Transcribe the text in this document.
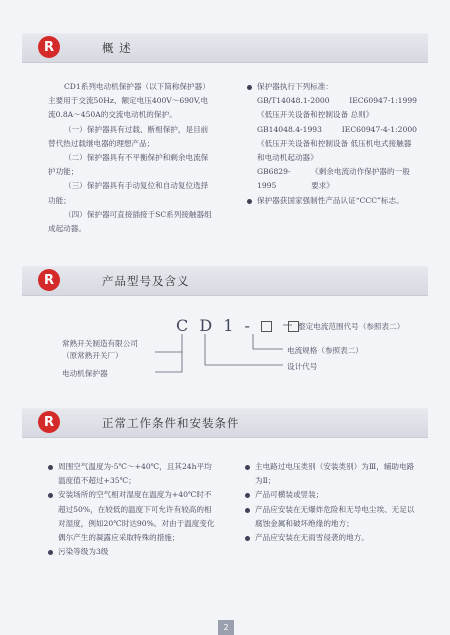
R	概 述

CD1系列电动机保护器（以下简称保护器）主要用于交流50Hz、额定电压400V～690V,电流0.8A～450A的交流电动机的保护。

（一）保护器具有过载、断相保护，是目前替代热过载继电器的理想产品；

（二）保护器具有不平衡保护和剩余电流保护功能；

（三）保护器具有手动复位和自动复位选择功能；

（四）保护器可直接插接于SC系列接触器组成起动器。

保护器执行下列标准：
GB/T14048.1-2000	IEC60947-1:1999
《低压开关设备和控制设备 总则》
GB14048.4-1993	IEC60947-4-1:2000
《低压开关设备和控制设备 低压机电式接触器和电动机起动器》
GB6829-1995
《剩余电流动作保护器的一般要求》
保护器获国家强制性产品认证“CCC”标志。
R	产品型号及含义
C D 1 -	整定电流范围代号（参照表二）
电流规格（参照表二）
设计代号
常熟开关制造有限公司
（原常熟开关厂）
电动机保护器
R	正常工作条件和安装条件
周围空气温度为-5℃～+40℃，且其24h平均温度值不超过+35℃；
安装场所的空气相对湿度在温度为+40℃时不超过50%，在较低的温度下可允许有较高的相对湿度，例如20℃时达90%。对由于温度变化偶尔产生的凝露应采取特殊的措施；
污染等级为3级
主电路过电压类别（安装类别）为Ⅲ，辅助电路为Ⅱ；
产品可横装或竖装；
产品应安装在无爆炸危险和无导电尘埃、无足以腐蚀金属和破坏绝缘的地方；
产品应安装在无雨雪侵袭的地方。
2
